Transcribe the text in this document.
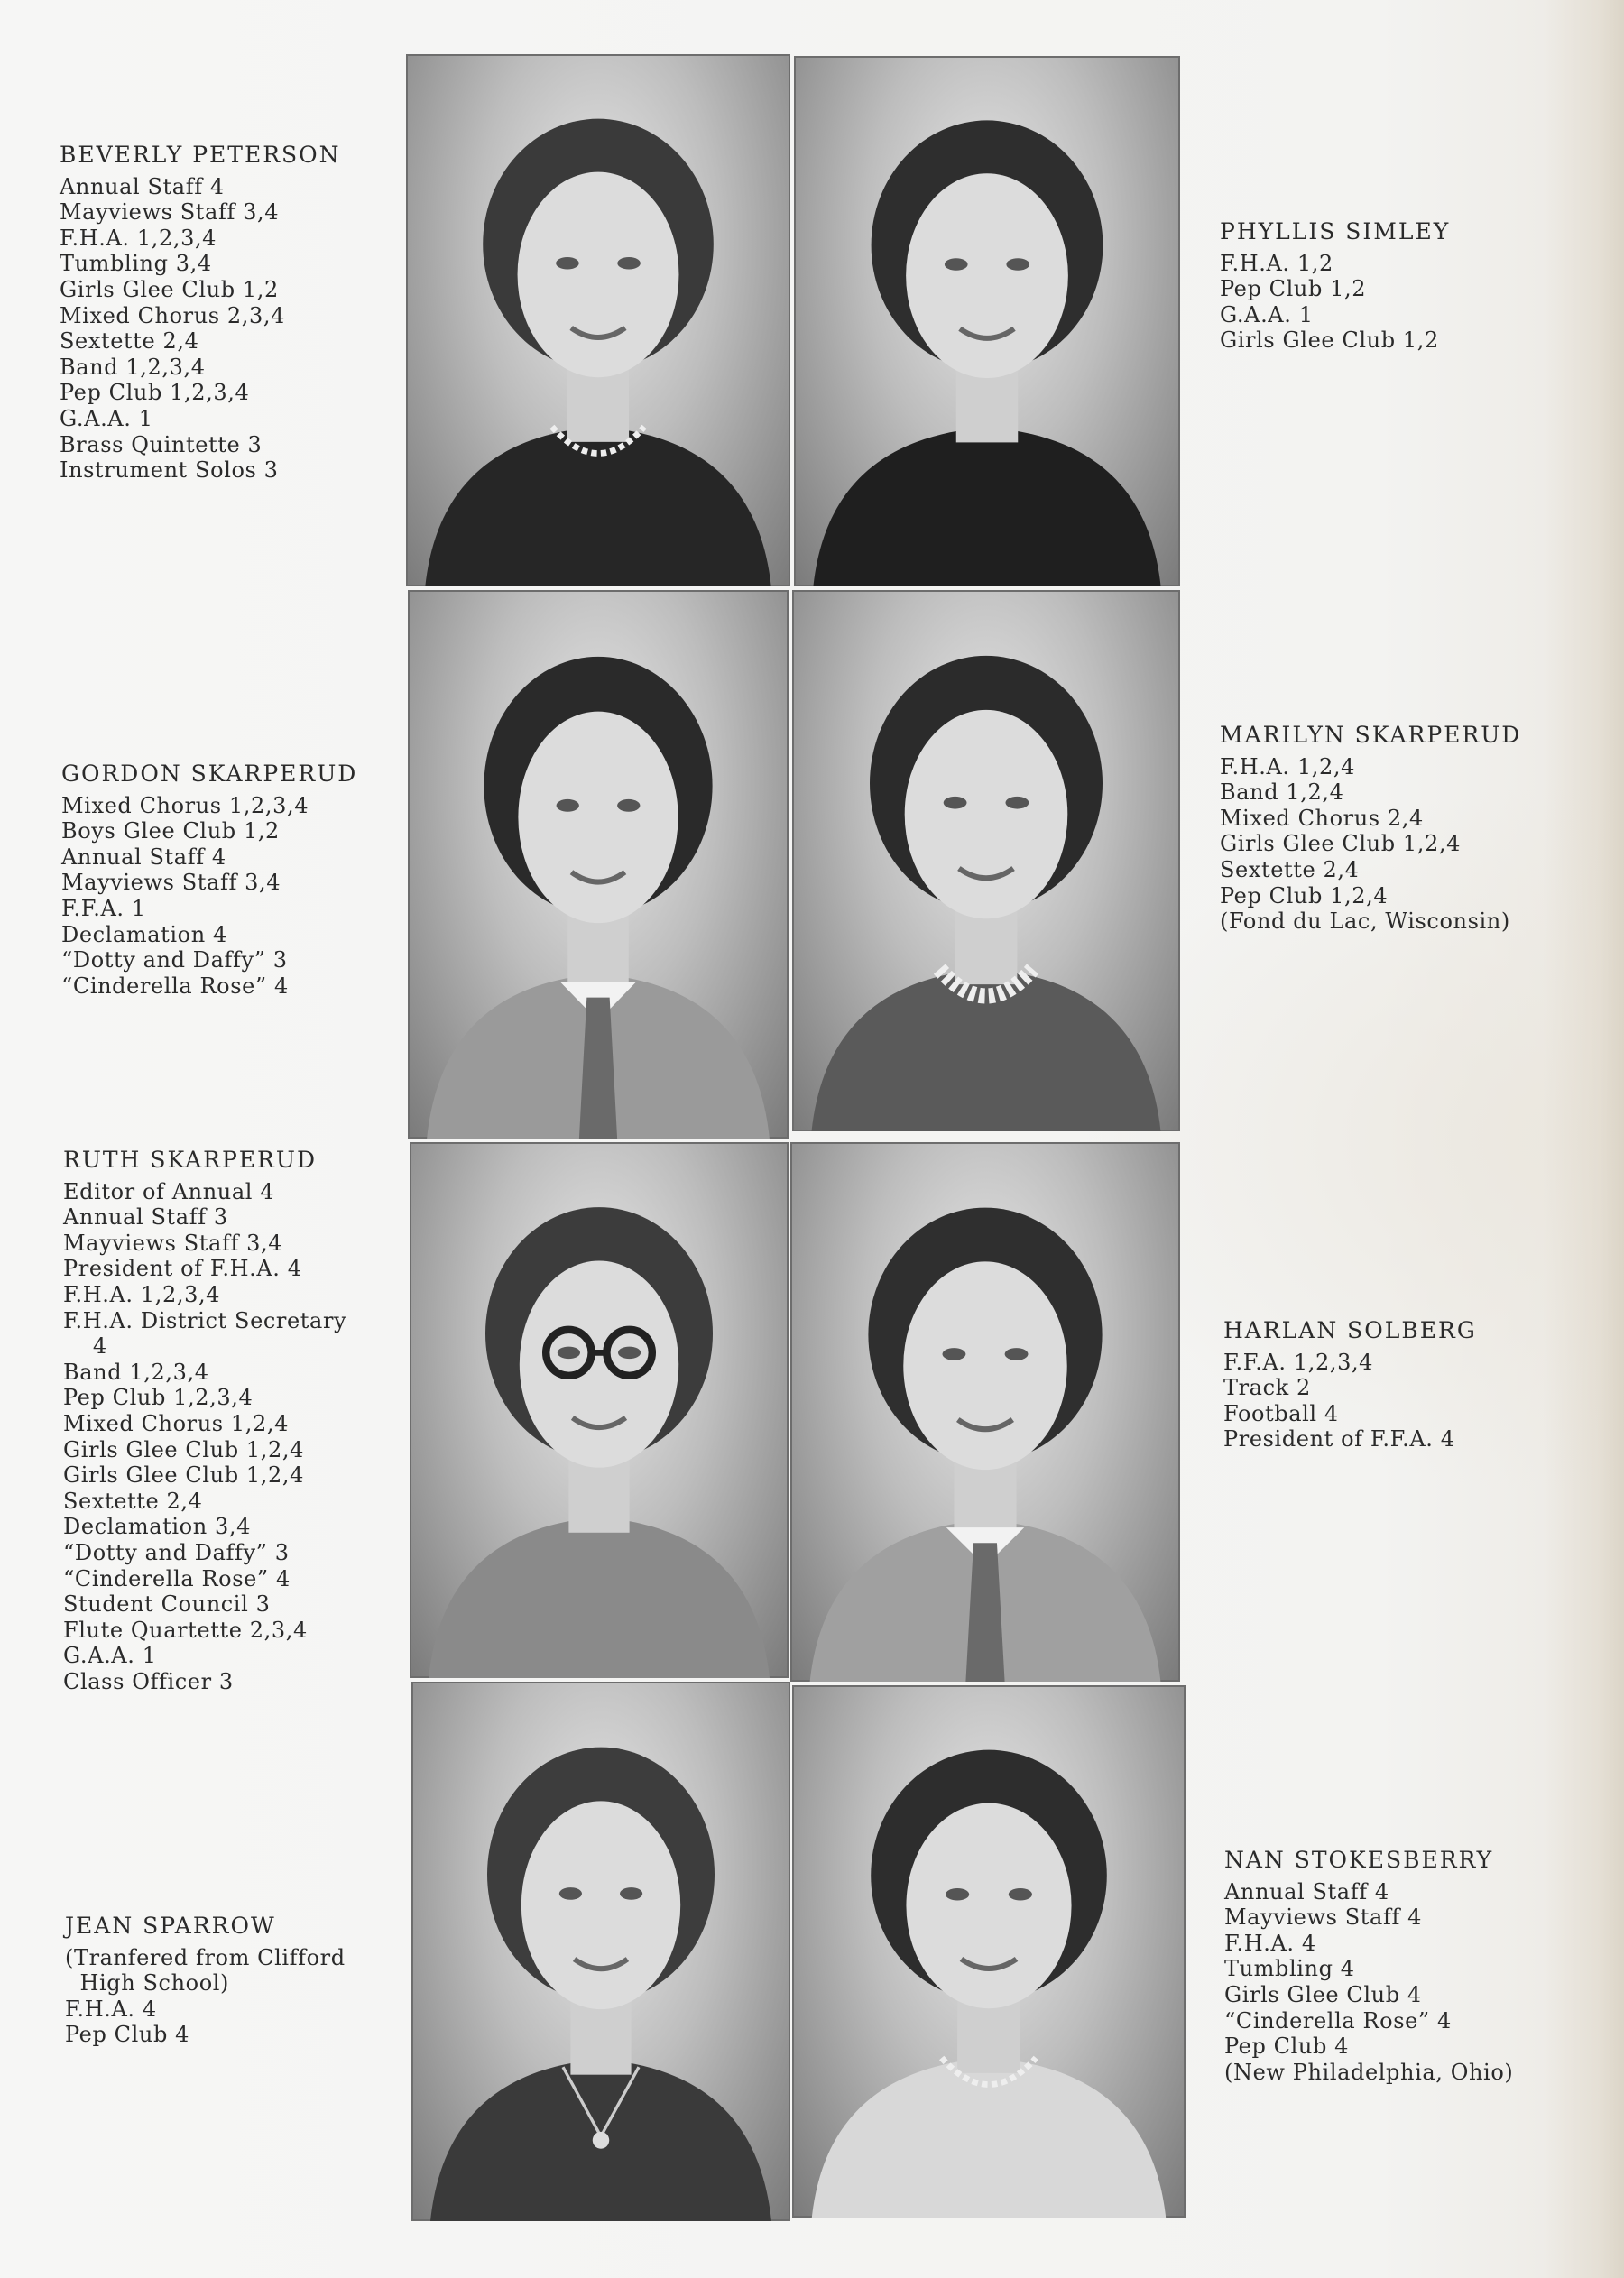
BEVERLY PETERSON
Annual Staff 4
Mayviews Staff 3,4
F.H.A. 1,2,3,4
Tumbling 3,4
Girls Glee Club 1,2
Mixed Chorus 2,3,4
Sextette 2,4
Band 1,2,3,4
Pep Club 1,2,3,4
G.A.A. 1
Brass Quintette 3
Instrument Solos 3
PHYLLIS SIMLEY
F.H.A. 1,2
Pep Club 1,2
G.A.A. 1
Girls Glee Club 1,2
GORDON SKARPERUD
Mixed Chorus 1,2,3,4
Boys Glee Club 1,2
Annual Staff 4
Mayviews Staff 3,4
F.F.A. 1
Declamation 4
“Dotty and Daffy” 3
“Cinderella Rose” 4
MARILYN SKARPERUD
F.H.A. 1,2,4
Band 1,2,4
Mixed Chorus 2,4
Girls Glee Club 1,2,4
Sextette 2,4
Pep Club 1,2,4
(Fond du Lac, Wisconsin)
RUTH SKARPERUD
Editor of Annual 4
Annual Staff 3
Mayviews Staff 3,4
President of F.H.A. 4
F.H.A. 1,2,3,4
F.H.A. District Secretary
4
Band 1,2,3,4
Pep Club 1,2,3,4
Mixed Chorus 1,2,4
Girls Glee Club 1,2,4
Girls Glee Club 1,2,4
Sextette 2,4
Declamation 3,4
“Dotty and Daffy” 3
“Cinderella Rose” 4
Student Council 3
Flute Quartette 2,3,4
G.A.A. 1
Class Officer 3
HARLAN SOLBERG
F.F.A. 1,2,3,4
Track 2
Football 4
President of F.F.A. 4
JEAN SPARROW
(Tranfered from Clifford
High School)
F.H.A. 4
Pep Club 4
NAN STOKESBERRY
Annual Staff 4
Mayviews Staff 4
F.H.A. 4
Tumbling 4
Girls Glee Club 4
“Cinderella Rose” 4
Pep Club 4
(New Philadelphia, Ohio)
